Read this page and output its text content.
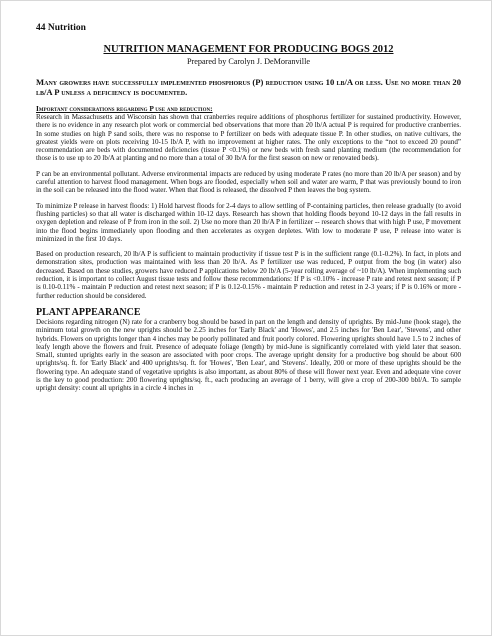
44 Nutrition
NUTRITION MANAGEMENT FOR PRODUCING BOGS 2012
Prepared by Carolyn J. DeMoranville
Many growers have successfully implemented phosphorus (P) reduction using 10 lb/A or less. Use no more than 20 lb/A P unless a deficiency is documented.
Important considerations regarding P use and reduction:

Research in Massachusetts and Wisconsin has shown that cranberries require additions of phosphorus fertilizer for sustained productivity. However, there is no evidence in any research plot work or commercial bed observations that more than 20 lb/A actual P is required for productive cranberries. In some studies on high P sand soils, there was no response to P fertilizer on beds with adequate tissue P. In other studies, on native cultivars, the greatest yields were on plots receiving 10-15 lb/A P, with no improvement at higher rates. The only exceptions to the “not to exceed 20 pound” recommendation are beds with documented deficiencies (tissue P <0.1%) or new beds with fresh sand planting medium (the recommendation for those is to use up to 20 lb/A at planting and no more than a total of 30 lb/A for the first season on new or renovated beds).

P can be an environmental pollutant. Adverse environmental impacts are reduced by using moderate P rates (no more than 20 lb/A per season) and by careful attention to harvest flood management. When bogs are flooded, especially when soil and water are warm, P that was previously bound to iron in the soil can be released into the flood water. When that flood is released, the dissolved P then leaves the bog system.

To minimize P release in harvest floods: 1) Hold harvest floods for 2-4 days to allow settling of P-containing particles, then release gradually (to avoid flushing particles) so that all water is discharged within 10-12 days. Research has shown that holding floods beyond 10-12 days in the fall results in oxygen depletion and release of P from iron in the soil. 2) Use no more than 20 lb/A P in fertilizer -- research shows that with high P use, P movement into the flood begins immediately upon flooding and then accelerates as oxygen depletes. With low to moderate P use, P release into water is minimized in the first 10 days.

Based on production research, 20 lb/A P is sufficient to maintain productivity if tissue test P is in the sufficient range (0.1-0.2%). In fact, in plots and demonstration sites, production was maintained with less than 20 lb/A. As P fertilizer use was reduced, P output from the bog (in water) also decreased. Based on these studies, growers have reduced P applications below 20 lb/A (5-year rolling average of ~10 lb/A). When implementing such reduction, it is important to collect August tissue tests and follow these recommendations: If P is <0.10% - increase P rate and retest next season; if P is 0.10-0.11% - maintain P reduction and retest next season; if P is 0.12-0.15% - maintain P reduction and retest in 2-3 years; if P is 0.16% or more - further reduction should be considered.

PLANT APPEARANCE

Decisions regarding nitrogen (N) rate for a cranberry bog should be based in part on the length and density of uprights. By mid-June (hook stage), the minimum total growth on the new uprights should be 2.25 inches for 'Early Black' and 'Howes', and 2.5 inches for 'Ben Lear', 'Stevens', and other hybrids. Flowers on uprights longer than 4 inches may be poorly pollinated and fruit poorly colored. Flowering uprights should have 1.5 to 2 inches of leafy length above the flowers and fruit. Presence of adequate foliage (length) by mid-June is significantly correlated with yield later that season. Small, stunted uprights early in the season are associated with poor crops. The average upright density for a productive bog should be about 600 uprights/sq. ft. for 'Early Black' and 400 uprights/sq. ft. for 'Howes', 'Ben Lear', and 'Stevens'. Ideally, 200 or more of these uprights should be the flowering type. An adequate stand of vegetative uprights is also important, as about 80% of these will flower next year. Even and adequate vine cover is the key to good production: 200 flowering uprights/sq. ft., each producing an average of 1 berry, will give a crop of 200-300 bbl/A. To sample upright density: count all uprights in a circle 4 inches in
